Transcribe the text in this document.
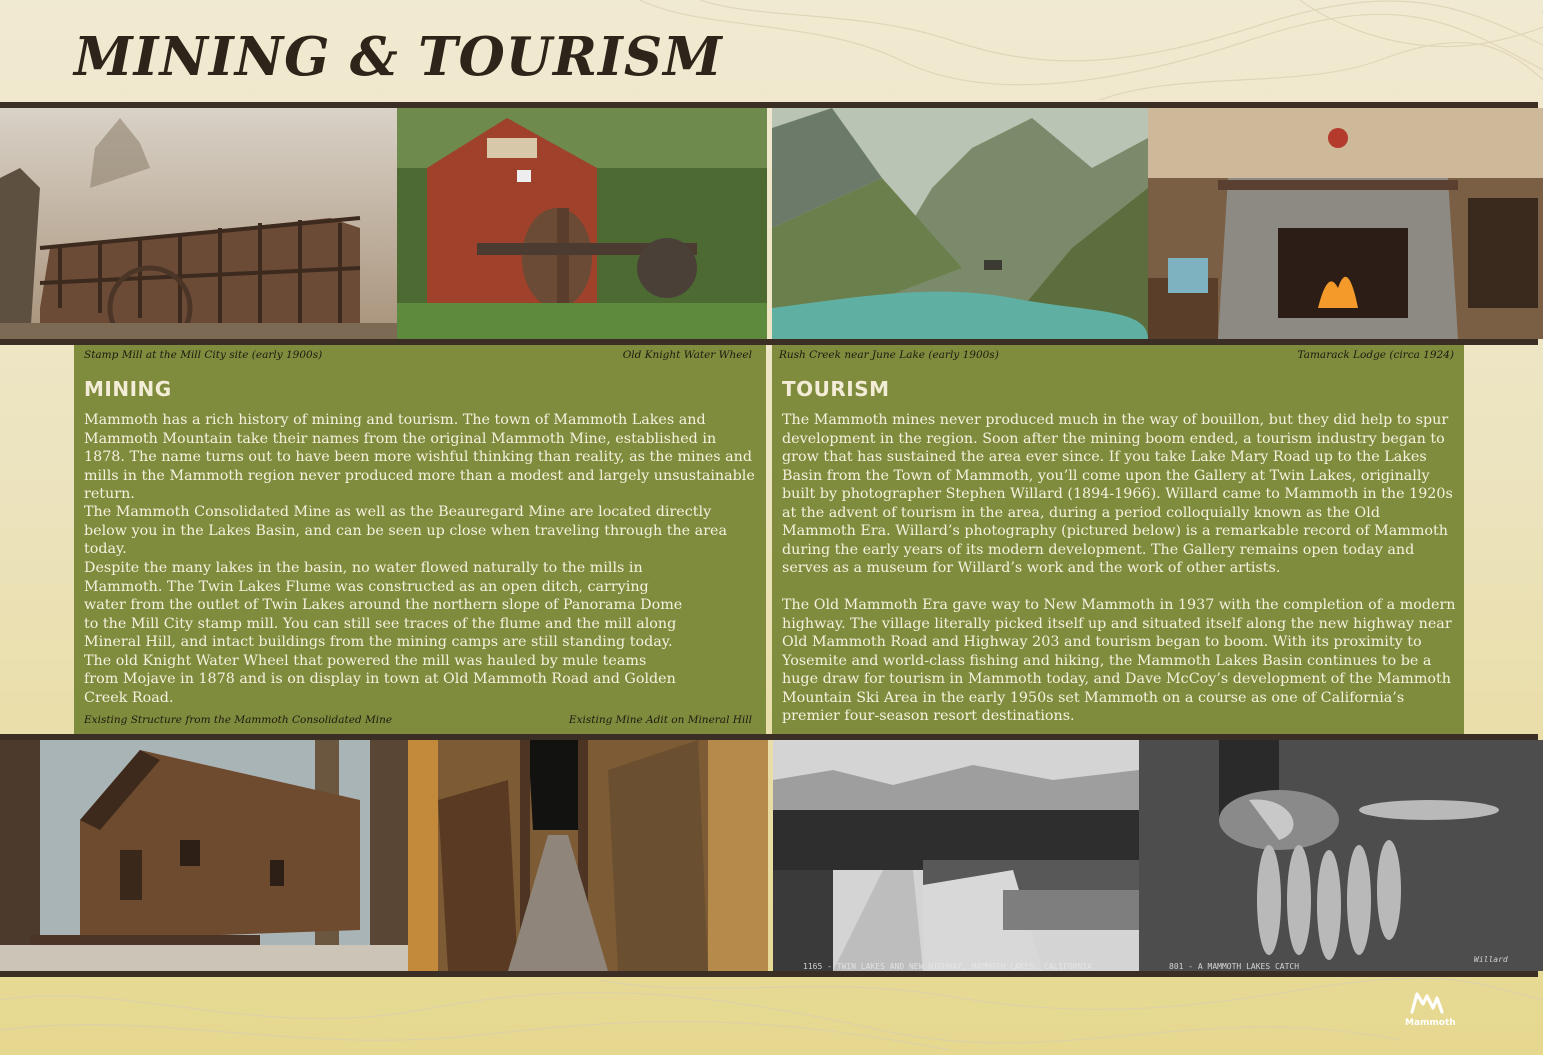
MINING & TOURISM
Stamp Mill at the Mill City site (early 1900s)	Old Knight Water Wheel	Rush Creek near June Lake (early 1900s)	Tamarack Lodge (circa 1924)
MINING
Mammoth has a rich history of mining and tourism. The town of Mammoth Lakes and Mammoth Mountain take their names from the original Mammoth Mine, established in 1878. The name turns out to have been more wishful thinking than reality, as the mines and mills in the Mammoth region never produced more than a modest and largely unsustainable return.
The Mammoth Consolidated Mine as well as the Beauregard Mine are located directly below you in the Lakes Basin, and can be seen up close when traveling through the area today.
Despite the many lakes in the basin, no water flowed naturally to the mills in Mammoth. The Twin Lakes Flume was constructed as an open ditch, carrying water from the outlet of Twin Lakes around the northern slope of Panorama Dome to the Mill City stamp mill. You can still see traces of the flume and the mill along Mineral Hill, and intact buildings from the mining camps are still standing today. The old Knight Water Wheel that powered the mill was hauled by mule teams from Mojave in 1878 and is on display in town at Old Mammoth Road and Golden Creek Road.
TOURISM
The Mammoth mines never produced much in the way of bouillon, but they did help to spur development in the region. Soon after the mining boom ended, a tourism industry began to grow that has sustained the area ever since. If you take Lake Mary Road up to the Lakes Basin from the Town of Mammoth, you’ll come upon the Gallery at Twin Lakes, originally built by photographer Stephen Willard (1894-1966). Willard came to Mammoth in the 1920s at the advent of tourism in the area, during a period colloquially known as the Old Mammoth Era. Willard’s photography (pictured below) is a remarkable record of Mammoth during the early years of its modern development. The Gallery remains open today and serves as a museum for Willard’s work and the work of other artists.
The Old Mammoth Era gave way to New Mammoth in 1937 with the completion of a modern highway. The village literally picked itself up and situated itself along the new highway near Old Mammoth Road and Highway 203 and tourism began to boom. With its proximity to Yosemite and world-class fishing and hiking, the Mammoth Lakes Basin continues to be a huge draw for tourism in Mammoth today, and Dave McCoy’s development of the Mammoth Mountain Ski Area in the early 1950s set Mammoth on a course as one of California’s premier four-season resort destinations.
Existing Structure from the Mammoth Consolidated Mine	Existing Mine Adit on Mineral Hill
1165 - TWIN LAKES AND NEW HIGHWAY, MAMMOTH LAKES, CALIFORNIA	801 - A MAMMOTH LAKES CATCH
Willard
Mammoth
